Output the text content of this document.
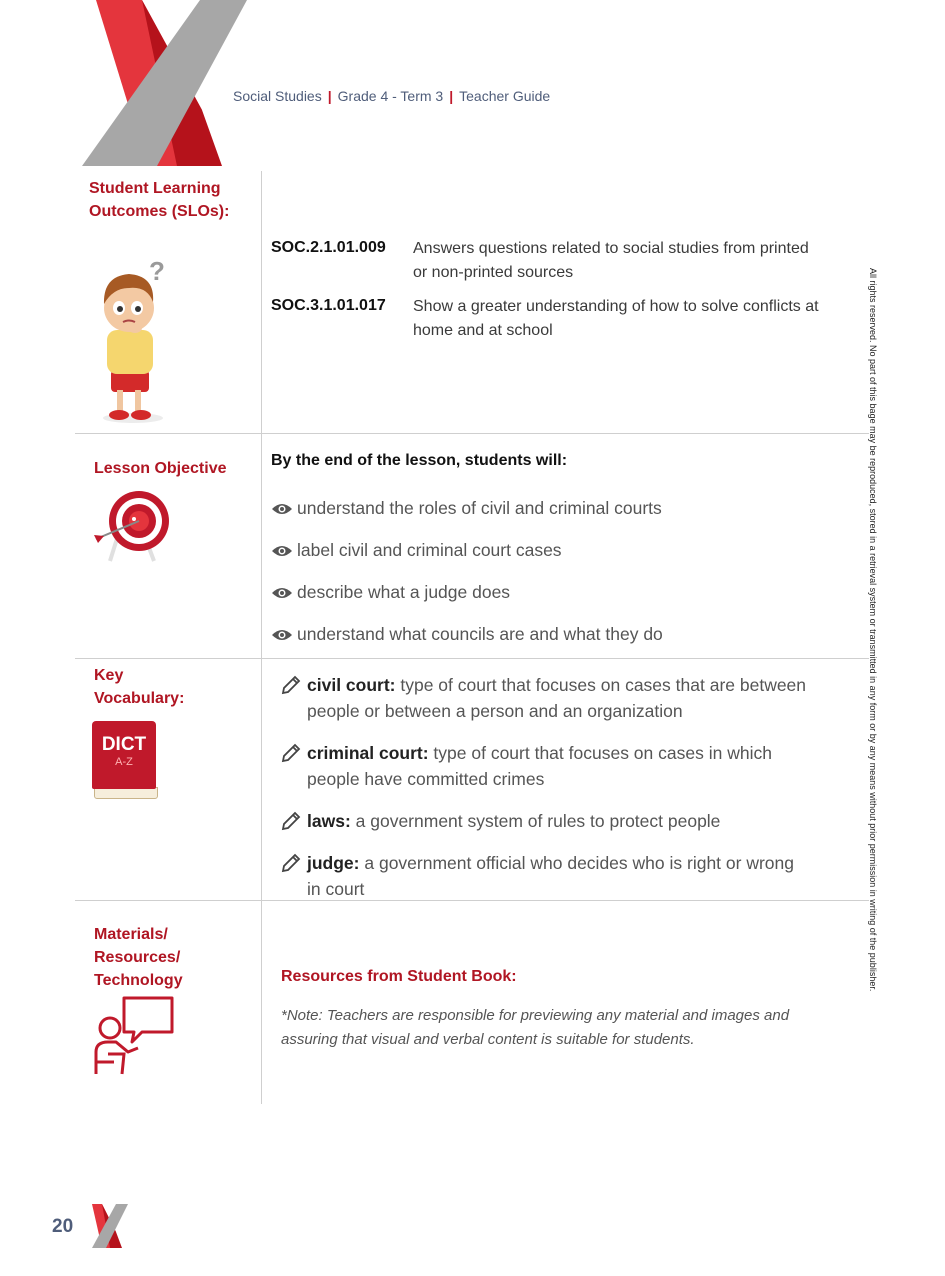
Social Studies | Grade 4 - Term 3 | Teacher Guide
Student Learning
Outcomes (SLOs):
?
SOC.2.1.01.009 Answers questions related to social studies from printed
or non-printed sources
SOC.3.1.01.017 Show a greater understanding of how to solve conflicts at
home and at school
Lesson Objective	By the end of the lesson, students will:
understand the roles of civil and criminal courts
label civil and criminal court cases
describe what a judge does
understand what councils are and what they do
Key
Vocabulary:
DICT
A-Z
civil court: type of court that focuses on cases that are between
people or between a person and an organization
criminal court: type of court that focuses on cases in which
people have committed crimes
laws: a government system of rules to protect people
judge: a government official who decides who is right or wrong
in court
Materials/
Resources/
Technology	Resources from Student Book:
*Note: Teachers are responsible for previewing any material and images and
assuring that visual and verbal content is suitable for students.
All rights reserved. No part of this bage may be reproduced, stored in a retrieval system or transmitted in any form or by any means without prior permission in writing of the publisher.
20
